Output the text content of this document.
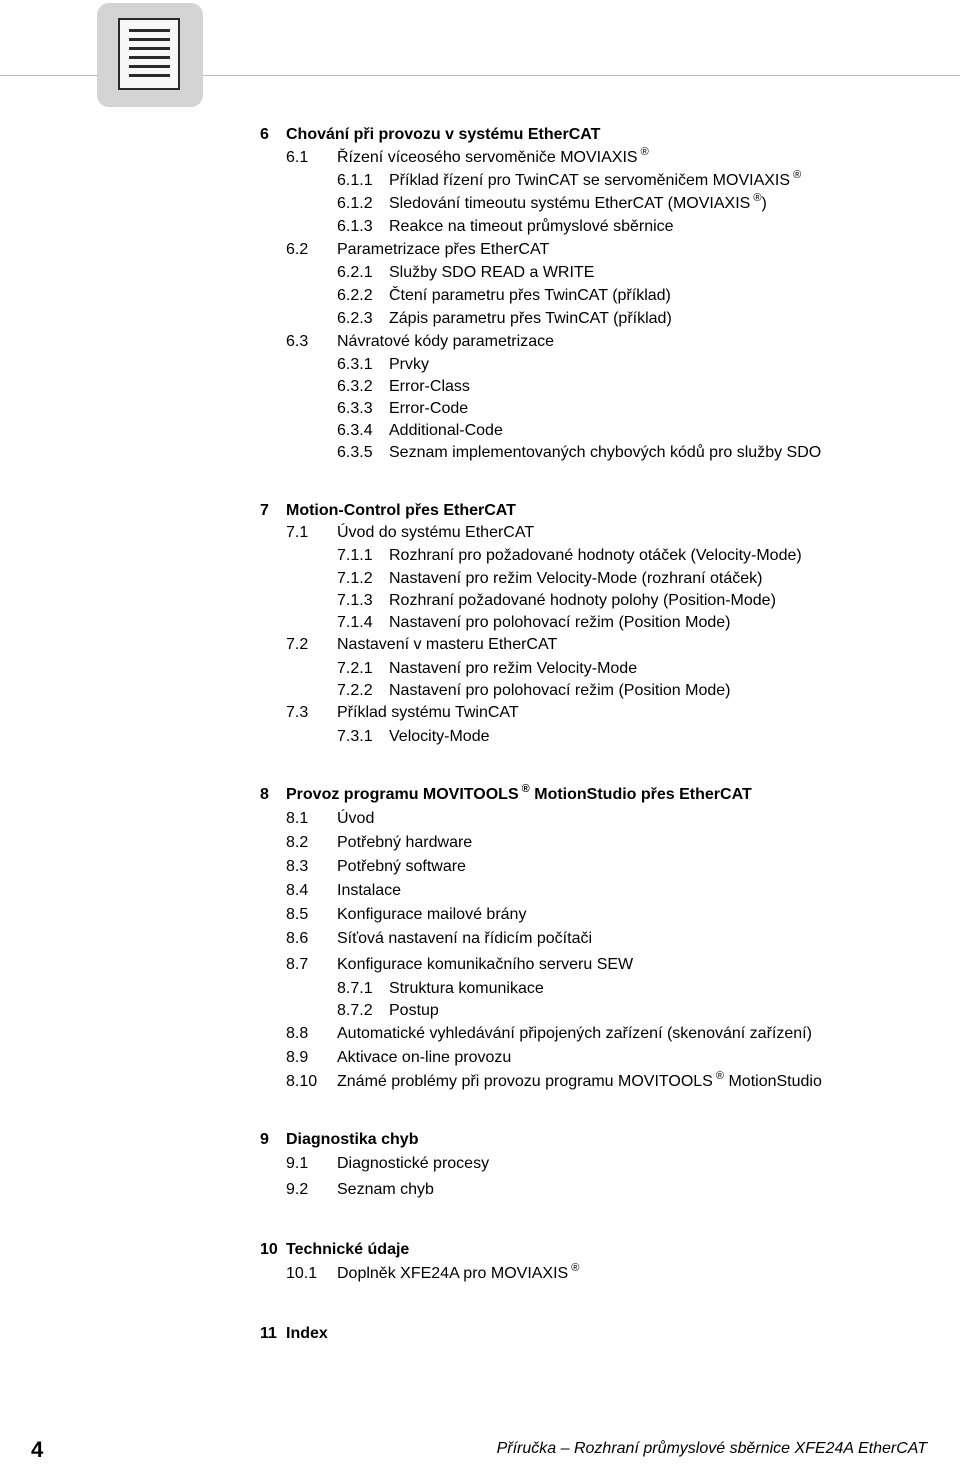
6 Chování při provozu v systému EtherCAT
6.1 Řízení víceosého servoměniče MOVIAXIS ®
6.1.1 Příklad řízení pro TwinCAT se servoměničem MOVIAXIS ®
6.1.2 Sledování timeoutu systému EtherCAT (MOVIAXIS ®)
6.1.3 Reakce na timeout průmyslové sběrnice
6.2 Parametrizace přes EtherCAT
6.2.1 Služby SDO READ a WRITE
6.2.2 Čtení parametru přes TwinCAT (příklad)
6.2.3 Zápis parametru přes TwinCAT (příklad)
6.3 Návratové kódy parametrizace
6.3.1 Prvky
6.3.2 Error-Class
6.3.3 Error-Code
6.3.4 Additional-Code
6.3.5 Seznam implementovaných chybových kódů pro služby SDO
7 Motion-Control přes EtherCAT
7.1 Úvod do systému EtherCAT
7.1.1 Rozhraní pro požadované hodnoty otáček (Velocity-Mode)
7.1.2 Nastavení pro režim Velocity-Mode (rozhraní otáček)
7.1.3 Rozhraní požadované hodnoty polohy (Position-Mode)
7.1.4 Nastavení pro polohovací režim (Position Mode)
7.2 Nastavení v masteru EtherCAT
7.2.1 Nastavení pro režim Velocity-Mode
7.2.2 Nastavení pro polohovací režim (Position Mode)
7.3 Příklad systému TwinCAT
7.3.1 Velocity-Mode
8 Provoz programu MOVITOOLS ® MotionStudio přes EtherCAT
8.1 Úvod
8.2 Potřebný hardware
8.3 Potřebný software
8.4 Instalace
8.5 Konfigurace mailové brány
8.6 Síťová nastavení na řídicím počítači
8.7 Konfigurace komunikačního serveru SEW
8.7.1 Struktura komunikace
8.7.2 Postup
8.8 Automatické vyhledávání připojených zařízení (skenování zařízení)
8.9 Aktivace on-line provozu
8.10 Známé problémy při provozu programu MOVITOOLS ® MotionStudio
9 Diagnostika chyb
9.1 Diagnostické procesy
9.2 Seznam chyb
10 Technické údaje
10.1 Doplněk XFE24A pro MOVIAXIS ®
11 Index
4	Příručka – Rozhraní průmyslové sběrnice XFE24A EtherCAT
